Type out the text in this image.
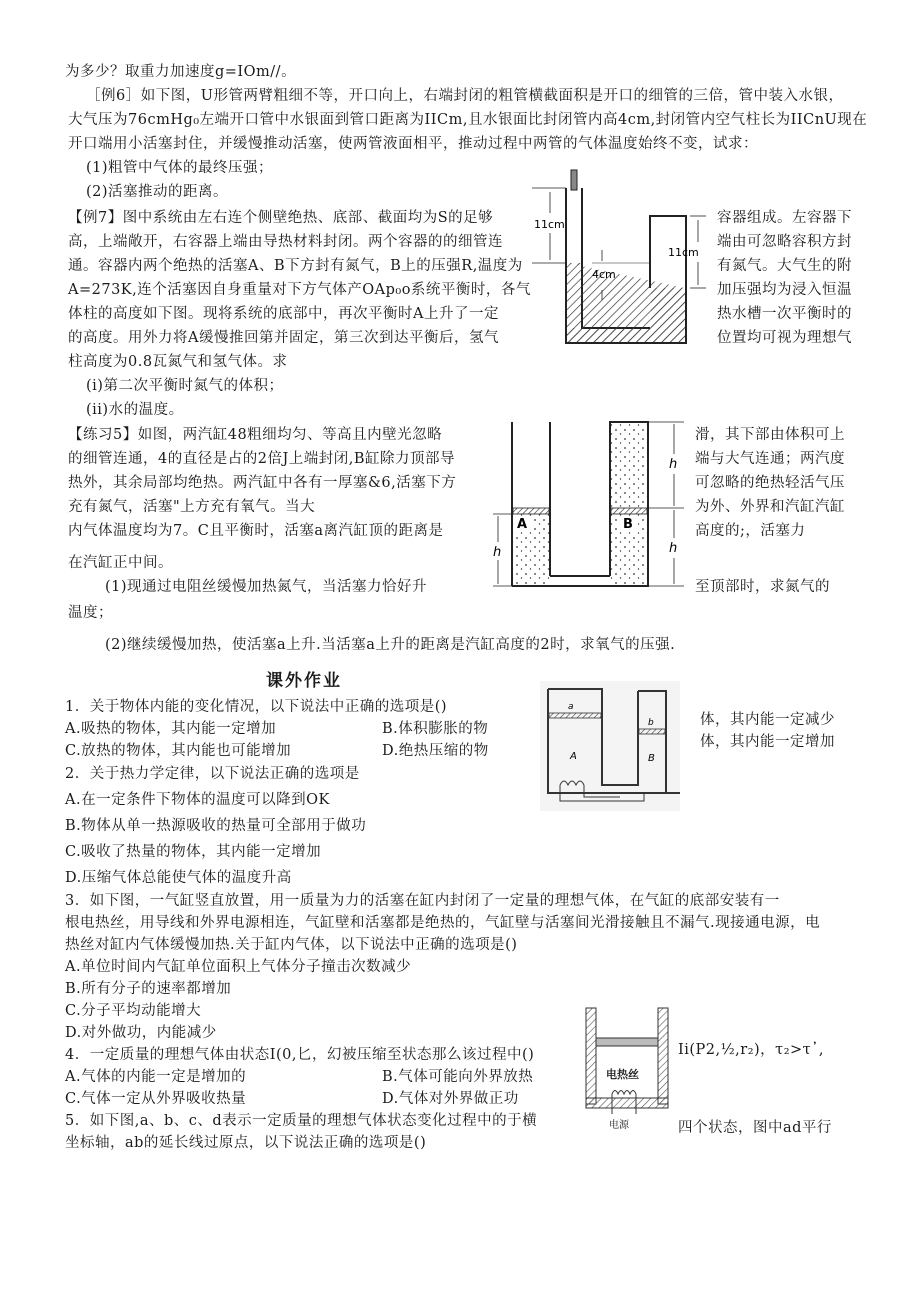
为多少？取重力加速度g=IOm//。
［例6］如下图，U形管两臂粗细不等，开口向上，右端封闭的粗管横截面积是开口的细管的三倍，管中装入水银，
大气压为76cmHg₀左端开口管中水银面到管口距离为IICm,且水银面比封闭管内高4cm,封闭管内空气柱长为IICnU现在
开口端用小活塞封住，并缓慢推动活塞，使两管液面相平，推动过程中两管的气体温度始终不变，试求：
(1)粗管中气体的最终压强；
(2)活塞推动的距离。
【例7】图中系统由左右连个侧壁绝热、底部、截面均为S的足够	容器组成。左容器下
高，上端敞开，右容器上端由导热材料封闭。两个容器的的细管连	端由可忽略容积方封
通。容器内两个绝热的活塞A、B下方封有氮气，B上的压强R,温度为	有氮气。大气生的附
A=273K,连个活塞因自身重量对下方气体产OAp₀o系统平衡时，各气	加压强均为浸入恒温
体柱的高度如下图。现将系统的底部中，再次平衡时A上升了一定	热水槽一次平衡时的
的高度。用外力将A缓慢推回第并固定，第三次到达平衡后，氢气	位置均可视为理想气
柱高度为0.8瓦氮气和氢气体。求
(i)第二次平衡时氮气的体积；
(ii)水的温度。
【练习5】如图，两汽缸48粗细均匀、等高且内壁光忽略	滑，其下部由体积可上
的细管连通，4的直径是占的2倍J上端封闭,B缸除力顶部导	端与大气连通；两汽度
热外，其余局部均绝热。两汽缸中各有一厚塞&6,活塞下方	可忽略的绝热轻活气压
充有氮气，活塞"上方充有氧气。当大	为外、外界和汽缸汽缸
内气体温度均为7。C且平衡时，活塞a离汽缸顶的距离是	高度的;，活塞力
在汽缸正中间。
(1)现通过电阻丝缓慢加热氮气，当活塞力恰好升	至顶部时，求氮气的
温度；
(2)继续缓慢加热，使活塞a上升.当活塞a上升的距离是汽缸高度的2时，求氧气的压强.
课外作业
1．关于物体内能的变化情况，以下说法中正确的选项是()
A.吸热的物体，其内能一定增加	B.体积膨胀的物
体，其内能一定减少
C.放热的物体，其内能也可能增加	D.绝热压缩的物
体，其内能一定增加
2．关于热力学定律，以下说法正确的选项是
A.在一定条件下物体的温度可以降到OK
B.物体从单一热源吸收的热量可全部用于做功
C.吸收了热量的物体，其内能一定增加
D.压缩气体总能使气体的温度升高
3．如下图，一气缸竖直放置，用一质量为力的活塞在缸内封闭了一定量的理想气体，在气缸的底部安装有一
根电热丝，用导线和外界电源相连，气缸壁和活塞都是绝热的，气缸壁与活塞间光滑接触且不漏气.现接通电源，电
热丝对缸内气体缓慢加热.关于缸内气体，以下说法中正确的选项是()
A.单位时间内气缸单位面积上气体分子撞击次数减少
B.所有分子的速率都增加
C.分子平均动能增大
D.对外做功，内能减少
4．一定质量的理想气体由状态I(0,匕，幻被压缩至状态那么该过程中()	Ii(P2,½,r₂)，τ₂>τ᾿,
A.气体的内能一定是增加的	B.气体可能向外界放热
C.气体一定从外界吸收热量	D.气体对外界做正功
5．如下图,a、b、c、d表示一定质量的理想气体状态变化过程中的于横	四个状态，图中ad平行
坐标轴，ab的延长线过原点，以下说法正确的选项是()
11cm
11cm
4cm
A	B
h
h
h
a
A
b
B
电热丝
电源
